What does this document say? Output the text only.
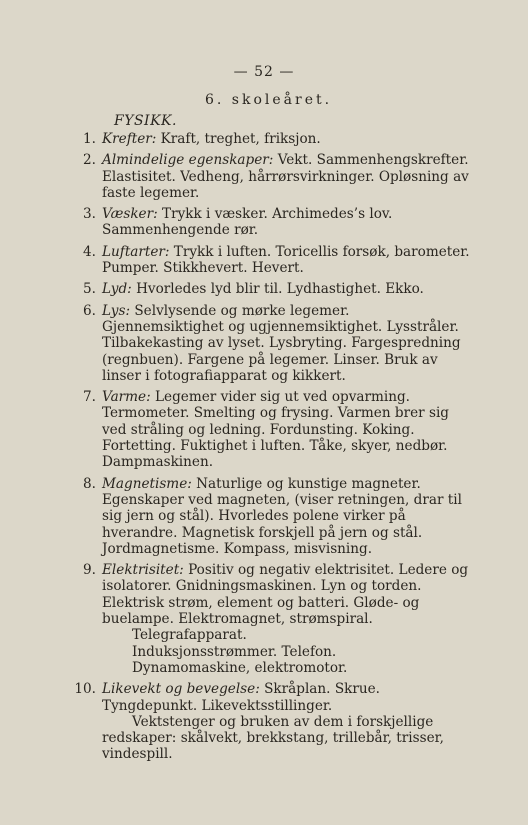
— 52 —
6. skoleåret.
FYSIKK.
1. Krefter: Kraft, treghet, friksjon.
2. Almindelige egenskaper: Vekt. Sammenhengskrefter. Elastisitet. Vedheng, hårrørsvirkninger. Opløsning av faste legemer.
3. Væsker: Trykk i væsker. Archimedes’s lov. Sammenhengende rør.
4. Luftarter: Trykk i luften. Toricellis forsøk, barometer. Pumper. Stikkhevert. Hevert.
5. Lyd: Hvorledes lyd blir til. Lydhastighet. Ekko.
6. Lys: Selvlysende og mørke legemer. Gjennemsiktighet og ugjennemsiktighet. Lysstråler. Tilbakekasting av lyset. Lysbryting. Fargespredning (regnbuen). Fargene på legemer. Linser. Bruk av linser i fotografiapparat og kikkert.
7. Varme: Legemer vider sig ut ved opvarming. Termometer. Smelting og frysing. Varmen brer sig ved stråling og ledning. Fordunsting. Koking. Fortetting. Fuktighet i luften. Tåke, skyer, nedbør. Dampmaskinen.
8. Magnetisme: Naturlige og kunstige magneter. Egenskaper ved magneten, (viser retningen, drar til sig jern og stål). Hvorledes polene virker på hverandre. Magnetisk forskjell på jern og stål. Jordmagnetisme. Kompass, misvisning.
9. Elektrisitet: Positiv og negativ elektrisitet. Ledere og isolatorer. Gnidningsmaskinen. Lyn og torden. Elektrisk strøm, element og batteri. Gløde- og buelampe. Elektromagnet, strømspiral.
Telegrafapparat.
Induksjonsstrømmer. Telefon.
Dynamomaskine, elektromotor.
10. Likevekt og bevegelse: Skråplan. Skrue. Tyngdepunkt. Likevektsstillinger.
Vektstenger og bruken av dem i forskjellige redskaper: skålvekt, brekkstang, trillebår, trisser, vindespill.
